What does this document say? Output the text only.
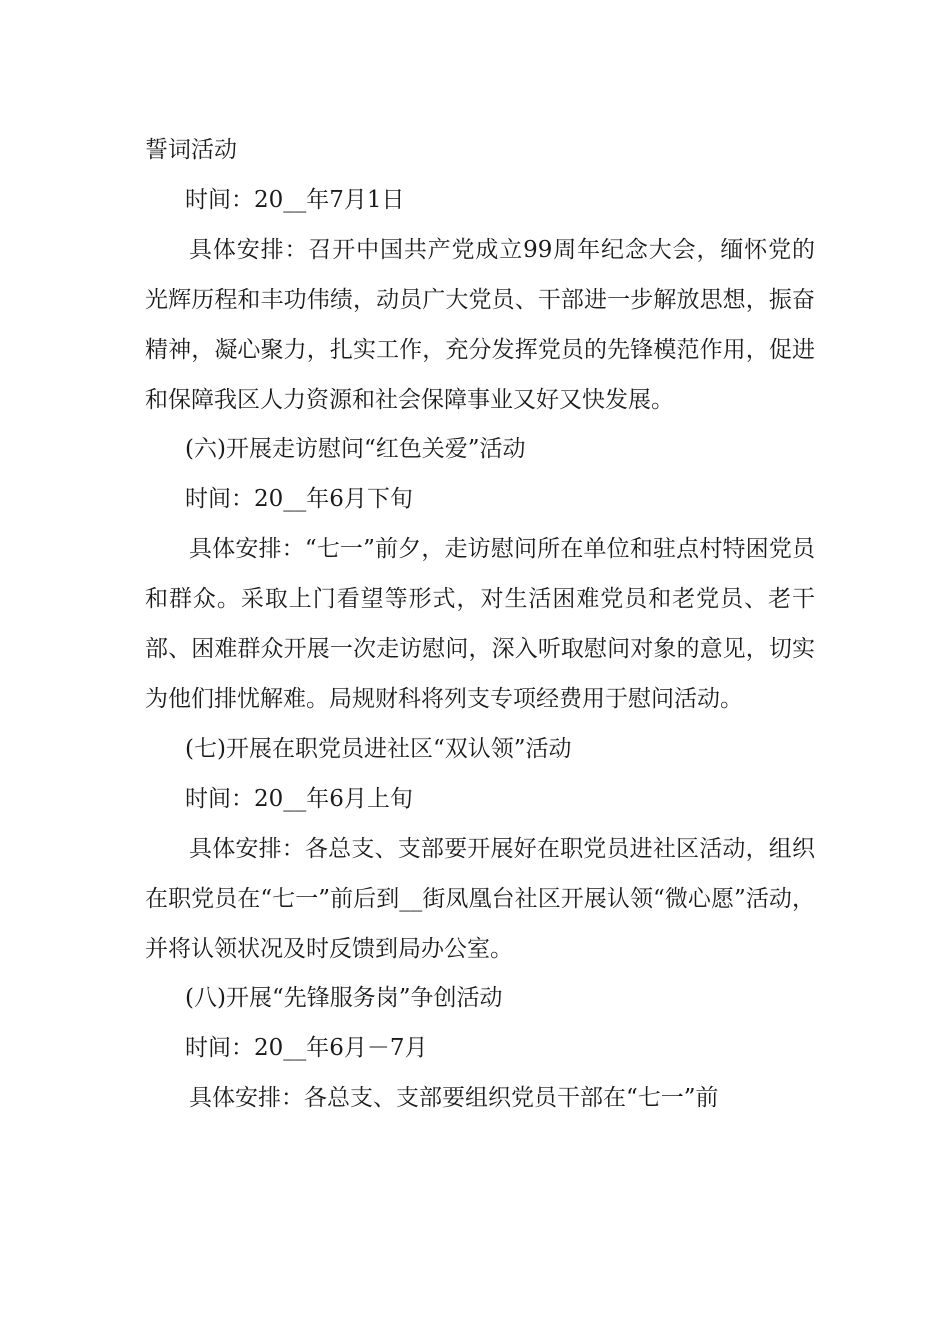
誓词活动

时间：20__年7月1日

具体安排：召开中国共产党成立99周年纪念大会，缅怀党的光辉历程和丰功伟绩，动员广大党员、干部进一步解放思想，振奋精神，凝心聚力，扎实工作，充分发挥党员的先锋模范作用，促进和保障我区人力资源和社会保障事业又好又快发展。

(六)开展走访慰问“红色关爱”活动

时间：20__年6月下旬

具体安排：“七一”前夕，走访慰问所在单位和驻点村特困党员和群众。采取上门看望等形式，对生活困难党员和老党员、老干部、困难群众开展一次走访慰问，深入听取慰问对象的意见，切实为他们排忧解难。局规财科将列支专项经费用于慰问活动。

(七)开展在职党员进社区“双认领”活动

时间：20__年6月上旬

具体安排：各总支、支部要开展好在职党员进社区活动，组织在职党员在“七一”前后到__街凤凰台社区开展认领“微心愿”活动，并将认领状况及时反馈到局办公室。

(八)开展“先锋服务岗”争创活动

时间：20__年6月－7月

具体安排：各总支、支部要组织党员干部在“七一”前
